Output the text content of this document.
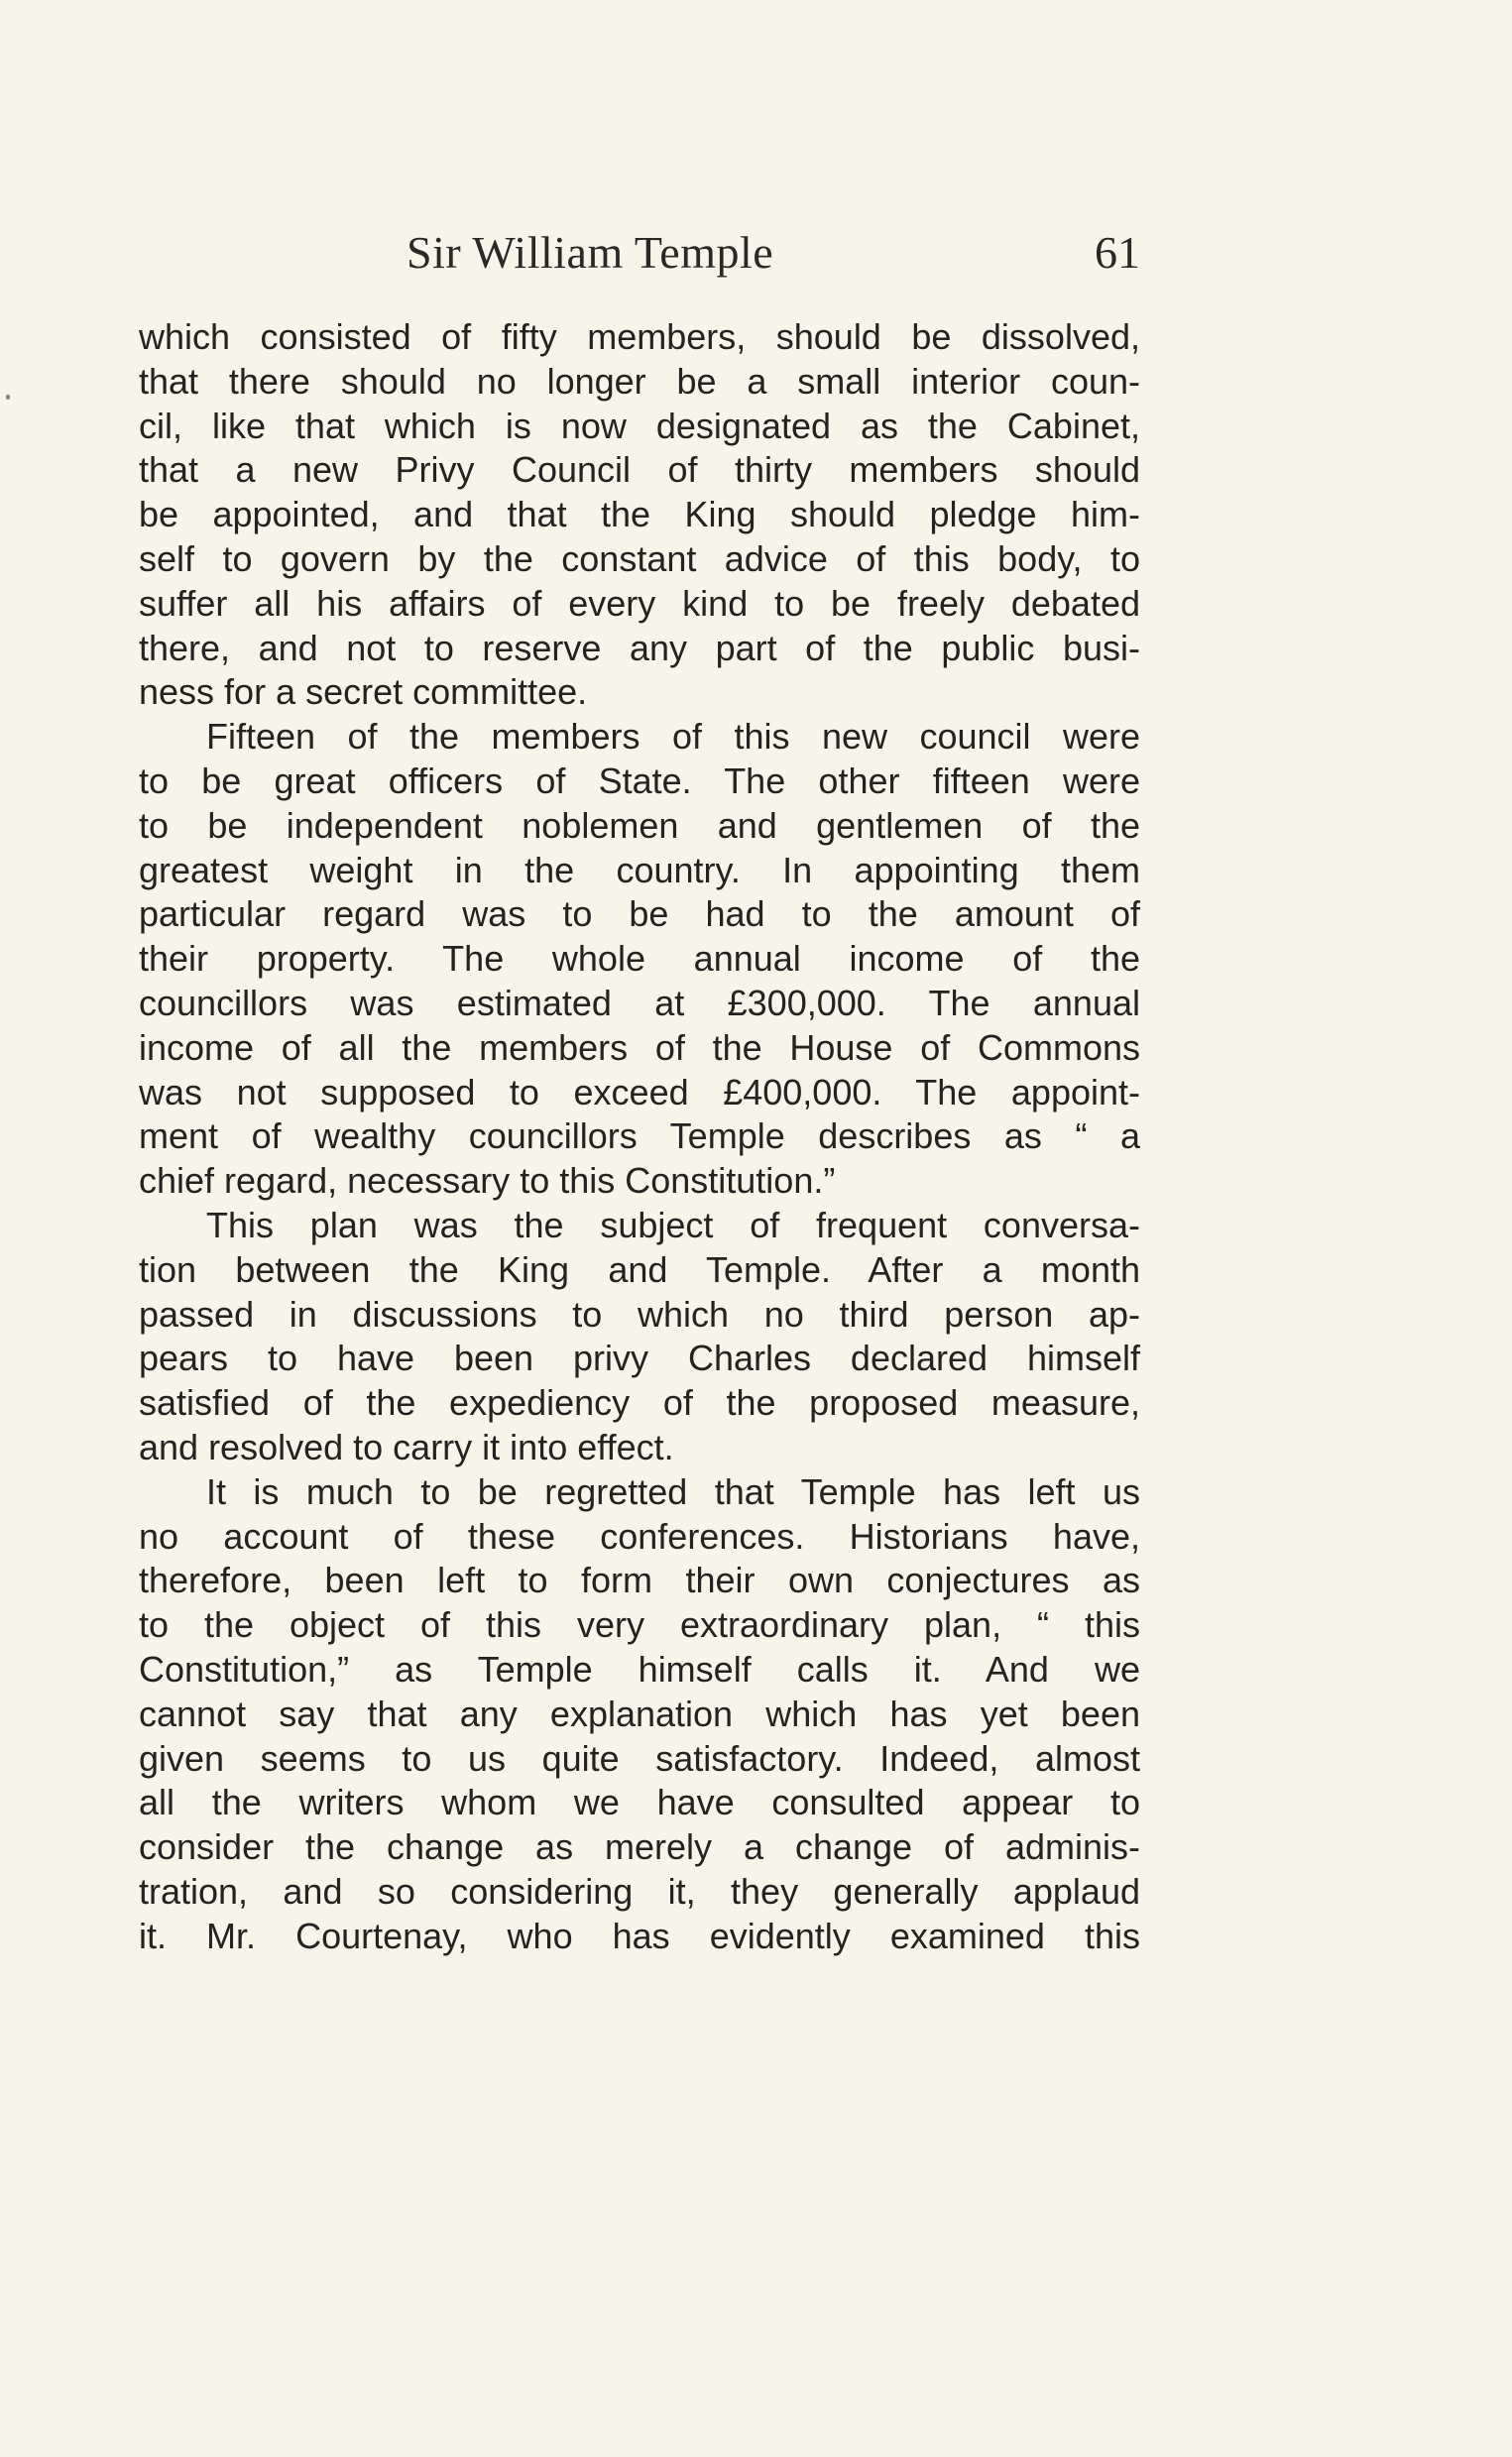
Sir William Temple	61
which consisted of fifty members, should be dissolved,
that there should no longer be a small interior coun-
cil, like that which is now designated as the Cabinet,
that a new Privy Council of thirty members should
be appointed, and that the King should pledge him-
self to govern by the constant advice of this body, to
suffer all his affairs of every kind to be freely debated
there, and not to reserve any part of the public busi-
ness for a secret committee.
Fifteen of the members of this new council were
to be great officers of State. The other fifteen were
to be independent noblemen and gentlemen of the
greatest weight in the country. In appointing them
particular regard was to be had to the amount of
their property. The whole annual income of the
councillors was estimated at £300,000. The annual
income of all the members of the House of Commons
was not supposed to exceed £400,000. The appoint-
ment of wealthy councillors Temple describes as “ a
chief regard, necessary to this Constitution.”
This plan was the subject of frequent conversa-
tion between the King and Temple. After a month
passed in discussions to which no third person ap-
pears to have been privy Charles declared himself
satisfied of the expediency of the proposed measure,
and resolved to carry it into effect.
It is much to be regretted that Temple has left us
no account of these conferences. Historians have,
therefore, been left to form their own conjectures as
to the object of this very extraordinary plan, “ this
Constitution,” as Temple himself calls it. And we
cannot say that any explanation which has yet been
given seems to us quite satisfactory. Indeed, almost
all the writers whom we have consulted appear to
consider the change as merely a change of adminis-
tration, and so considering it, they generally applaud
it. Mr. Courtenay, who has evidently examined this
